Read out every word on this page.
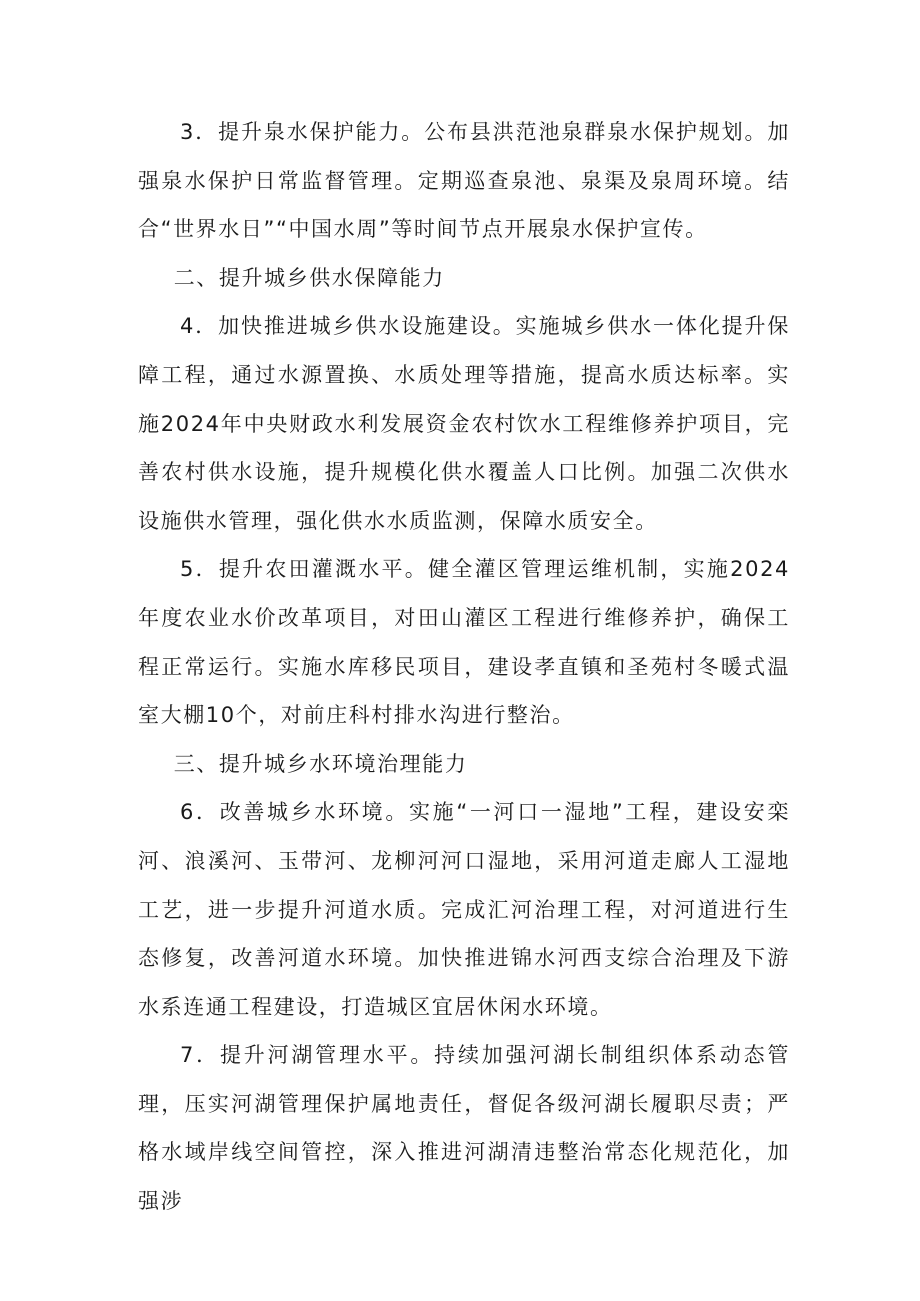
3．提升泉水保护能力。公布县洪范池泉群泉水保护规划。加强泉水保护日常监督管理。定期巡查泉池、泉渠及泉周环境。结合“世界水日”“中国水周”等时间节点开展泉水保护宣传。

二、提升城乡供水保障能力

4．加快推进城乡供水设施建设。实施城乡供水一体化提升保障工程，通过水源置换、水质处理等措施，提高水质达标率。实施2024年中央财政水利发展资金农村饮水工程维修养护项目，完善农村供水设施，提升规模化供水覆盖人口比例。加强二次供水设施供水管理，强化供水水质监测，保障水质安全。

5．提升农田灌溉水平。健全灌区管理运维机制，实施2024年度农业水价改革项目，对田山灌区工程进行维修养护，确保工程正常运行。实施水库移民项目，建设孝直镇和圣苑村冬暖式温室大棚10个，对前庄科村排水沟进行整治。

三、提升城乡水环境治理能力

6．改善城乡水环境。实施“一河口一湿地”工程，建设安栾河、浪溪河、玉带河、龙柳河河口湿地，采用河道走廊人工湿地工艺，进一步提升河道水质。完成汇河治理工程，对河道进行生态修复，改善河道水环境。加快推进锦水河西支综合治理及下游水系连通工程建设，打造城区宜居休闲水环境。

7．提升河湖管理水平。持续加强河湖长制组织体系动态管理，压实河湖管理保护属地责任，督促各级河湖长履职尽责；严格水域岸线空间管控，深入推进河湖清违整治常态化规范化，加强涉
